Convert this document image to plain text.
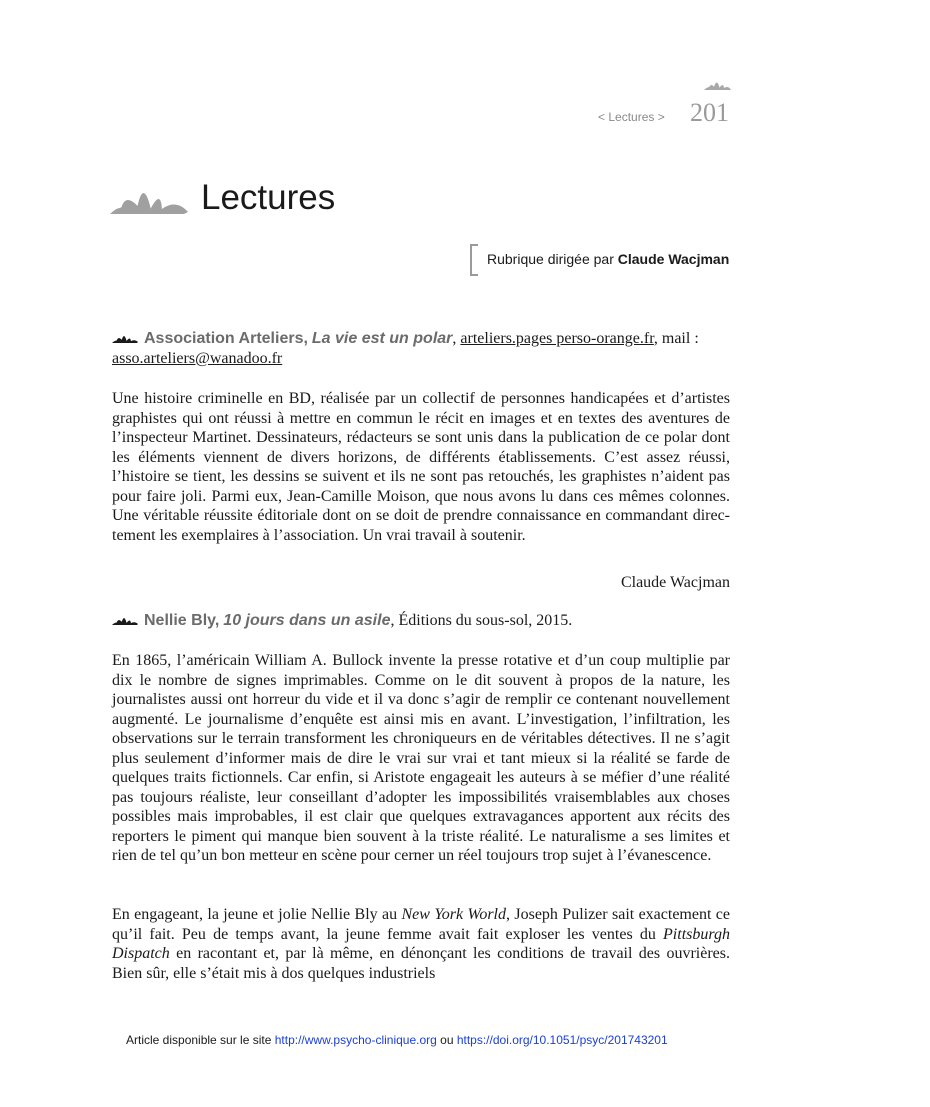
< Lectures > 201
Lectures
Rubrique dirigée par Claude Wacjman
Association Arteliers, La vie est un polar, arteliers.pages perso-orange.fr, mail :
asso.arteliers@wanadoo.fr
Une histoire criminelle en BD, réalisée par un collectif de personnes handicapées et d’artistes graphistes qui ont réussi à mettre en commun le récit en images et en textes des aventures de l’inspecteur Martinet. Dessinateurs, rédacteurs se sont unis dans la publication de ce polar dont les éléments viennent de divers horizons, de différents établissements. C’est assez réussi, l’histoire se tient, les dessins se suivent et ils ne sont pas retouchés, les graphistes n’aident pas pour faire joli. Parmi eux, Jean-Camille Moison, que nous avons lu dans ces mêmes colonnes. Une véritable réussite éditoriale dont on se doit de prendre connaissance en commandant directement les exemplaires à l’association. Un vrai travail à soutenir.
Claude Wacjman
Nellie Bly, 10 jours dans un asile, Éditions du sous-sol, 2015.
En 1865, l’américain William A. Bullock invente la presse rotative et d’un coup multiplie par dix le nombre de signes imprimables. Comme on le dit souvent à propos de la nature, les journalistes aussi ont horreur du vide et il va donc s’agir de remplir ce contenant nouvellement augmenté. Le journalisme d’enquête est ainsi mis en avant. L’investigation, l’infiltration, les observations sur le terrain transforment les chroniqueurs en de véritables détectives. Il ne s’agit plus seulement d’informer mais de dire le vrai sur vrai et tant mieux si la réalité se farde de quelques traits fictionnels. Car enfin, si Aristote engageait les auteurs à se méfier d’une réalité pas toujours réaliste, leur conseillant d’adopter les impossibilités vraisemblables aux choses possibles mais improbables, il est clair que quelques extravagances apportent aux récits des reporters le piment qui manque bien souvent à la triste réalité. Le naturalisme a ses limites et rien de tel qu’un bon metteur en scène pour cerner un réel toujours trop sujet à l’évanescence.
En engageant, la jeune et jolie Nellie Bly au New York World, Joseph Pulizer sait exactement ce qu’il fait. Peu de temps avant, la jeune femme avait fait exploser les ventes du Pittsburgh Dispatch en racontant et, par là même, en dénonçant les conditions de travail des ouvrières. Bien sûr, elle s’était mis à dos quelques industriels
Article disponible sur le site http://www.psycho-clinique.org ou https://doi.org/10.1051/psyc/201743201
